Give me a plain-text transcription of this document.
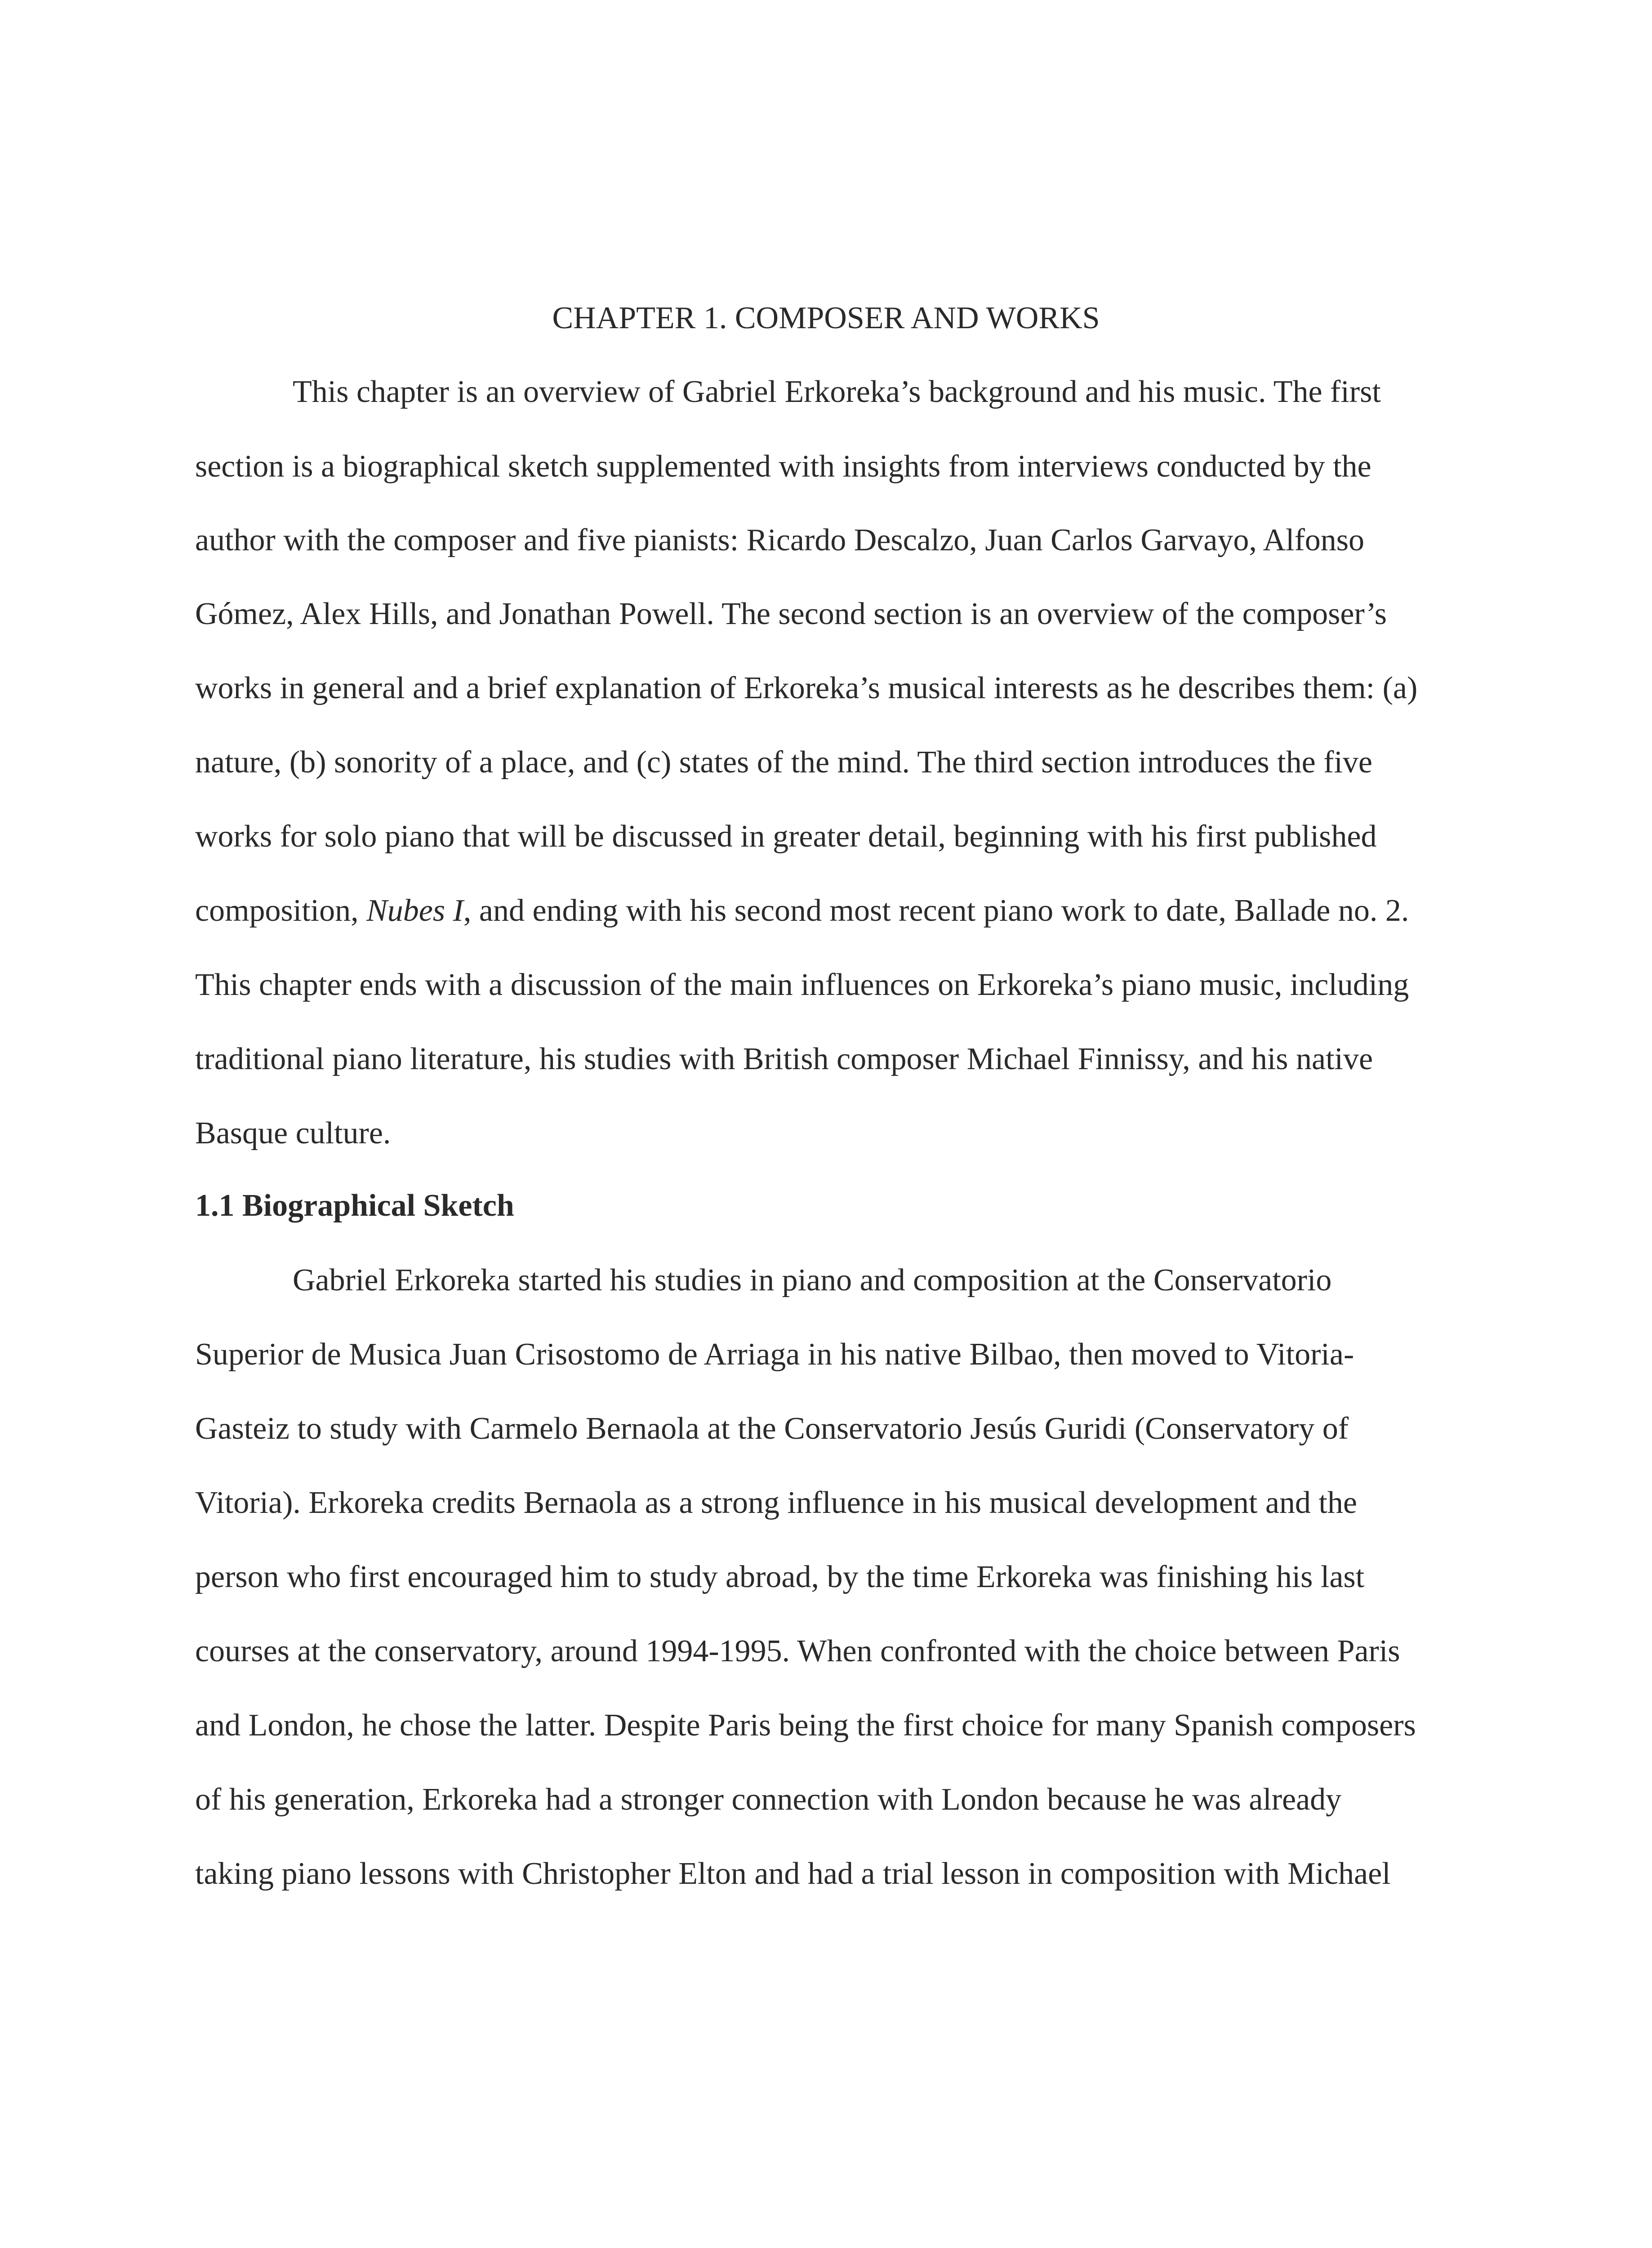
CHAPTER 1. COMPOSER AND WORKS
This chapter is an overview of Gabriel Erkoreka’s background and his music. The first
section is a biographical sketch supplemented with insights from interviews conducted by the
author with the composer and five pianists: Ricardo Descalzo, Juan Carlos Garvayo, Alfonso
Gómez, Alex Hills, and Jonathan Powell. The second section is an overview of the composer’s
works in general and a brief explanation of Erkoreka’s musical interests as he describes them: (a)
nature, (b) sonority of a place, and (c) states of the mind. The third section introduces the five
works for solo piano that will be discussed in greater detail, beginning with his first published
composition, Nubes I, and ending with his second most recent piano work to date, Ballade no. 2.
This chapter ends with a discussion of the main influences on Erkoreka’s piano music, including
traditional piano literature, his studies with British composer Michael Finnissy, and his native
Basque culture.
1.1 Biographical Sketch
Gabriel Erkoreka started his studies in piano and composition at the Conservatorio
Superior de Musica Juan Crisostomo de Arriaga in his native Bilbao, then moved to Vitoria-
Gasteiz to study with Carmelo Bernaola at the Conservatorio Jesús Guridi (Conservatory of
Vitoria). Erkoreka credits Bernaola as a strong influence in his musical development and the
person who first encouraged him to study abroad, by the time Erkoreka was finishing his last
courses at the conservatory, around 1994-1995. When confronted with the choice between Paris
and London, he chose the latter. Despite Paris being the first choice for many Spanish composers
of his generation, Erkoreka had a stronger connection with London because he was already
taking piano lessons with Christopher Elton and had a trial lesson in composition with Michael
